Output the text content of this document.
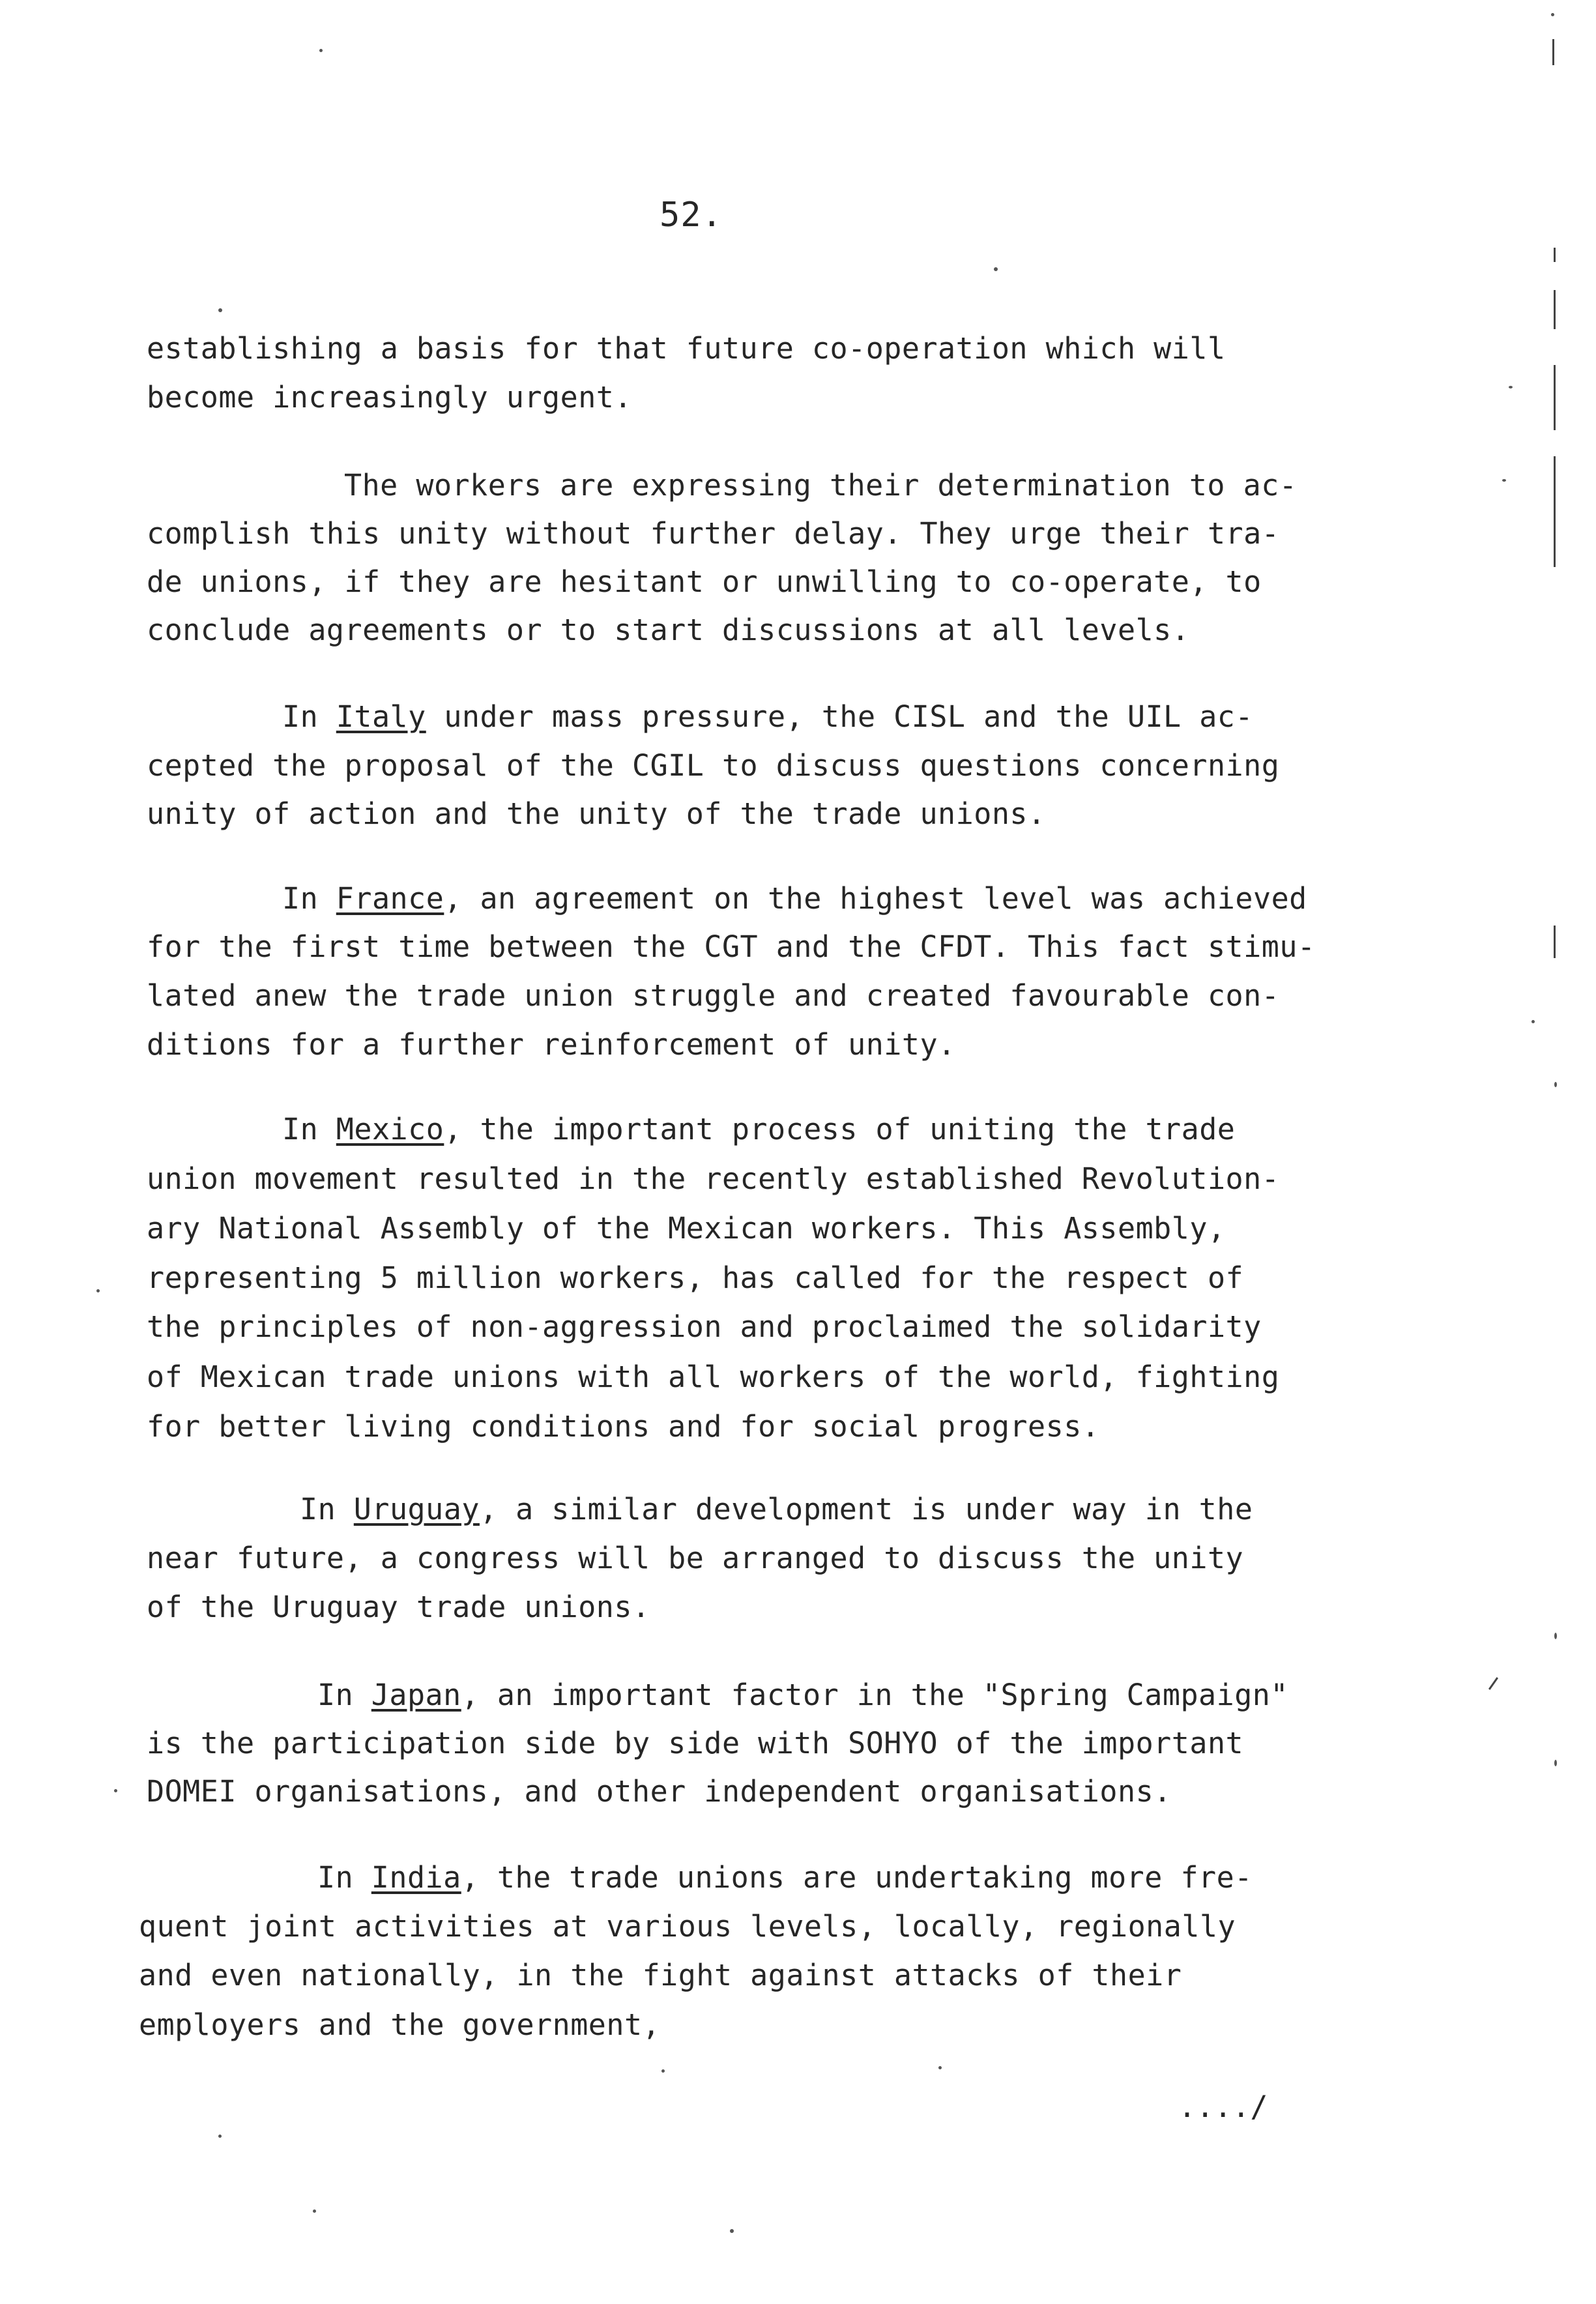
52.
establishing a basis for that future co-operation which will
become increasingly urgent.
The workers are expressing their determination to ac-
complish this unity without further delay. They urge their tra-
de unions, if they are hesitant or unwilling to co-operate, to
conclude agreements or to start discussions at all levels.
In Italy under mass pressure, the CISL and the UIL ac-
cepted the proposal of the CGIL to discuss questions concerning
unity of action and the unity of the trade unions.
In France, an agreement on the highest level was achieved
for the first time between the CGT and the CFDT. This fact stimu-
lated anew the trade union struggle and created favourable con-
ditions for a further reinforcement of unity.
In Mexico, the important process of uniting the trade
union movement resulted in the recently established Revolution-
ary National Assembly of the Mexican workers. This Assembly,
representing 5 million workers, has called for the respect of
the principles of non-aggression and proclaimed the solidarity
of Mexican trade unions with all workers of the world, fighting
for better living conditions and for social progress.
In Uruguay, a similar development is under way in the
near future, a congress will be arranged to discuss the unity
of the Uruguay trade unions.
In Japan, an important factor in the "Spring Campaign"
is the participation side by side with SOHYO of the important
DOMEI organisations, and other independent organisations.
In India, the trade unions are undertaking more fre-
quent joint activities at various levels, locally, regionally
and even nationally, in the fight against attacks of their
employers and the government,
..../
